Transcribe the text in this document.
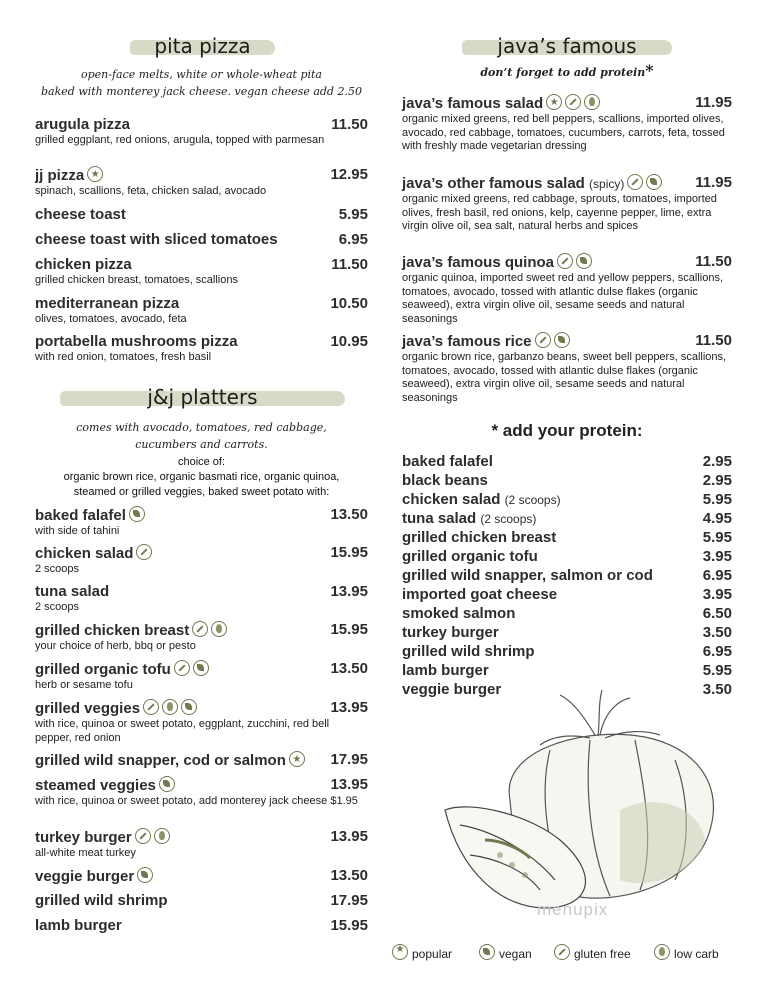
pita pizza
open-face melts, white or whole-wheat pita
baked with monterey jack cheese. vegan cheese add 2.50
arugula pizza	11.50
grilled eggplant, red onions, arugula, topped with parmesan
jj pizza ★	12.95
spinach, scallions, feta, chicken salad, avocado
cheese toast	5.95
cheese toast with sliced tomatoes	6.95
chicken pizza	11.50
grilled chicken breast, tomatoes, scallions
mediterranean pizza	10.50
olives, tomatoes, avocado, feta
portabella mushrooms pizza	10.95
with red onion, tomatoes, fresh basil
j&j platters
comes with avocado, tomatoes, red cabbage,
cucumbers and carrots.
choice of:
organic brown rice, organic basmati rice, organic quinoa,
steamed or grilled veggies, baked sweet potato with:
baked falafel	13.50
with side of tahini
chicken salad	15.95
2 scoops
tuna salad	13.95
2 scoops
grilled chicken breast	15.95
your choice of herb, bbq or pesto
grilled organic tofu	13.50
herb or sesame tofu
grilled veggies	13.95
with rice, quinoa or sweet potato, eggplant, zucchini, red bell pepper, red onion
grilled wild snapper, cod or salmon ★	17.95
steamed veggies	13.95
with rice, quinoa or sweet potato, add monterey jack cheese $1.95
turkey burger	13.95
all-white meat turkey
veggie burger	13.50
grilled wild shrimp	17.95
lamb burger	15.95
java’s famous
don’t forget to add protein*
java’s famous salad ★	11.95
organic mixed greens, red bell peppers, scallions, imported olives, avocado, red cabbage, tomatoes, cucumbers, carrots, feta, tossed with freshly made vegetarian dressing
java’s other famous salad (spicy)	11.95
organic mixed greens, red cabbage, sprouts, tomatoes, imported olives, fresh basil, red onions, kelp, cayenne pepper, lime, extra virgin olive oil, sea salt, natural herbs and spices
java’s famous quinoa	11.50
organic quinoa, imported sweet red and yellow peppers, scallions, tomatoes, avocado, tossed with atlantic dulse flakes (organic seaweed), extra virgin olive oil, sesame seeds and natural seasonings
java’s famous rice	11.50
organic brown rice, garbanzo beans, sweet bell peppers, scallions, tomatoes, avocado, tossed with atlantic dulse flakes (organic seaweed), extra virgin olive oil, sesame seeds and natural seasonings
* add your protein:
baked falafel	2.95
black beans	2.95
chicken salad (2 scoops)	5.95
tuna salad (2 scoops)	4.95
grilled chicken breast	5.95
grilled organic tofu	3.95
grilled wild snapper, salmon or cod	6.95
imported goat cheese	3.95
smoked salmon	6.50
turkey burger	3.50
grilled wild shrimp	6.95
lamb burger	5.95
veggie burger	3.50
menupix
★popular	vegan	gluten free	low carb
